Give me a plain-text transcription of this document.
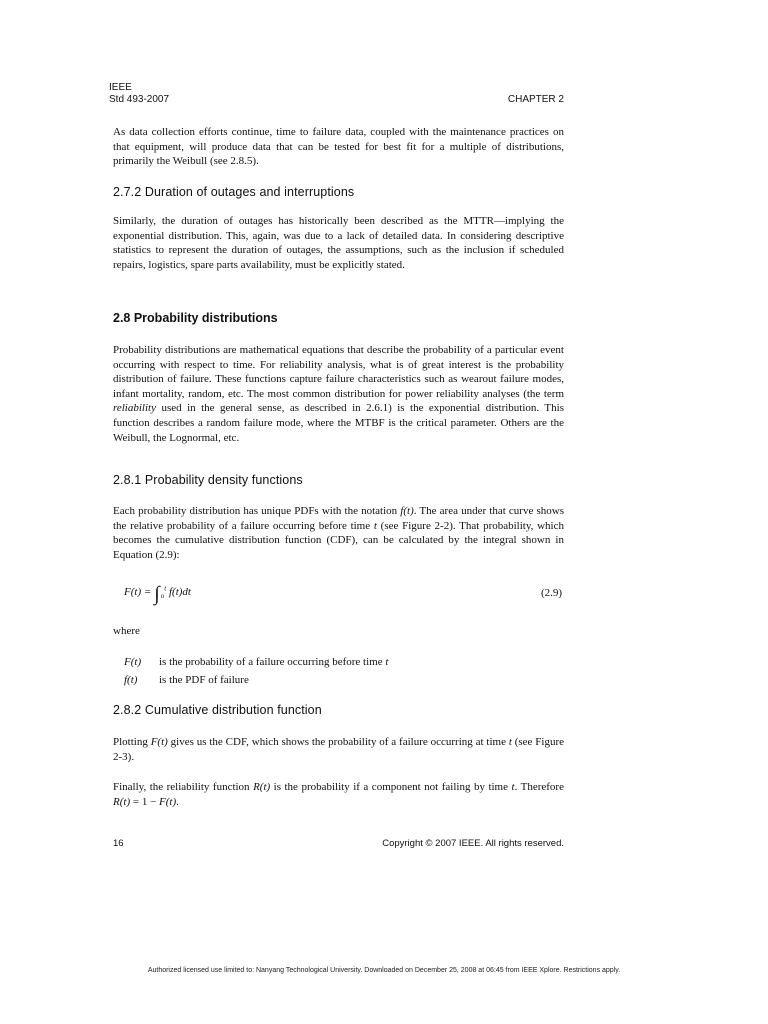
IEEE
Std 493-2007	CHAPTER 2
As data collection efforts continue, time to failure data, coupled with the maintenance practices on that equipment, will produce data that can be tested for best fit for a multiple of distributions, primarily the Weibull (see 2.8.5).
2.7.2 Duration of outages and interruptions
Similarly, the duration of outages has historically been described as the MTTR—implying the exponential distribution. This, again, was due to a lack of detailed data. In considering descriptive statistics to represent the duration of outages, the assumptions, such as the inclusion if scheduled repairs, logistics, spare parts availability, must be explicitly stated.
2.8 Probability distributions
Probability distributions are mathematical equations that describe the probability of a particular event occurring with respect to time. For reliability analysis, what is of great interest is the probability distribution of failure. These functions capture failure characteristics such as wearout failure modes, infant mortality, random, etc. The most common distribution for power reliability analyses (the term reliability used in the general sense, as described in 2.6.1) is the exponential distribution. This function describes a random failure mode, where the MTBF is the critical parameter. Others are the Weibull, the Lognormal, etc.
2.8.1 Probability density functions
Each probability distribution has unique PDFs with the notation f(t). The area under that curve shows the relative probability of a failure occurring before time t (see Figure 2-2). That probability, which becomes the cumulative distribution function (CDF), can be calculated by the integral shown in Equation (2.9):
$F(t) = \int_o^t$ f(t)dt	(2.9)
where
F(t) is the probability of a failure occurring before time t
f(t) is the PDF of failure
2.8.2 Cumulative distribution function
Plotting F(t) gives us the CDF, which shows the probability of a failure occurring at time t (see Figure 2-3).
Finally, the reliability function R(t) is the probability if a component not failing by time t. Therefore R(t) = 1 − F(t).
16	Copyright © 2007 IEEE. All rights reserved.
Authorized licensed use limited to: Nanyang Technological University. Downloaded on December 25, 2008 at 06:45 from IEEE Xplore. Restrictions apply.
